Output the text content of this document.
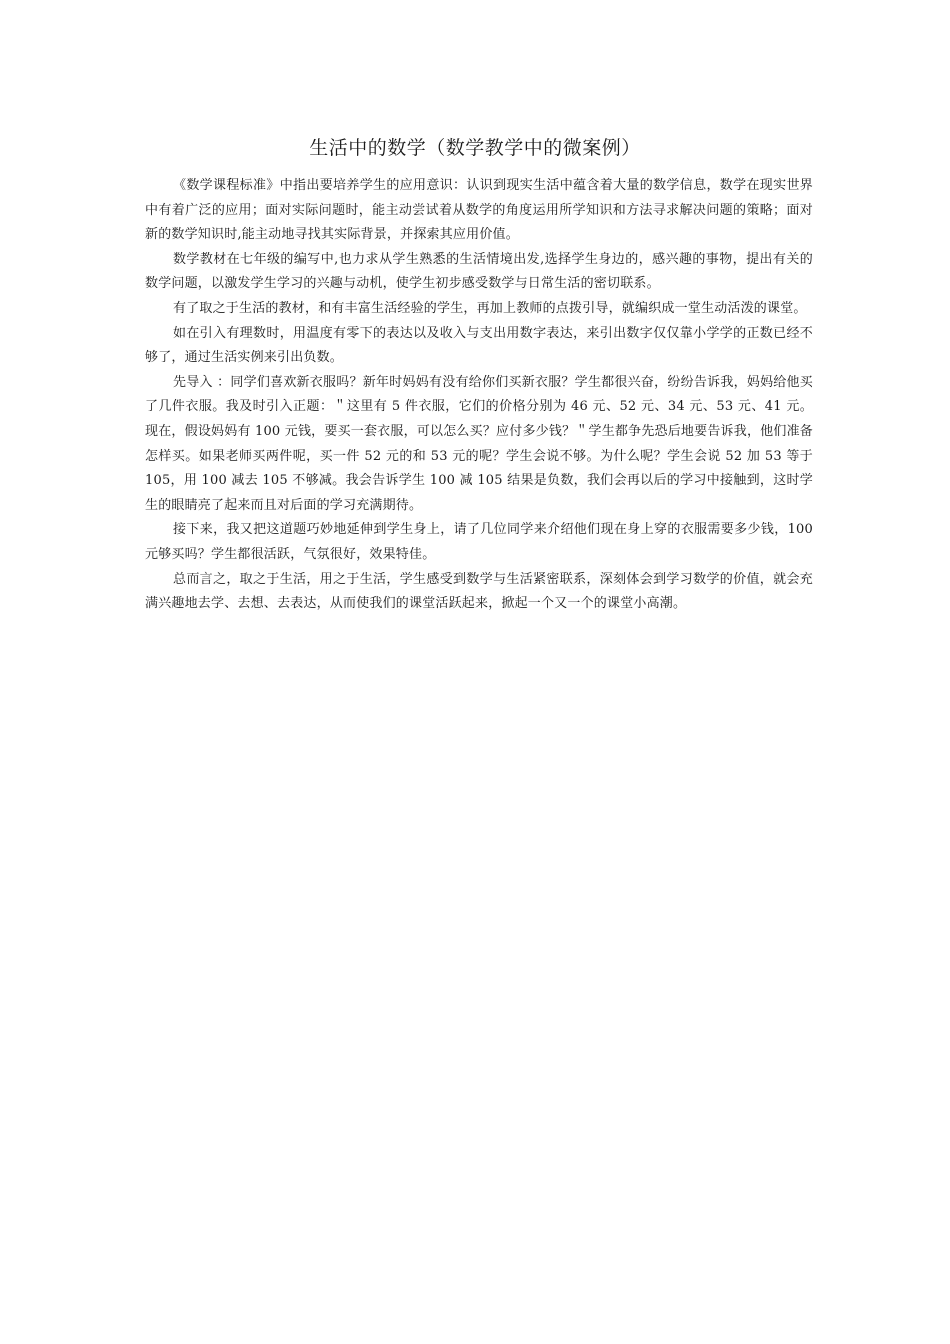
生活中的数学（数学教学中的微案例）

《数学课程标准》中指出要培养学生的应用意识：认识到现实生活中蕴含着大量的数学信息，数学在现实世界中有着广泛的应用；面对实际问题时，能主动尝试着从数学的角度运用所学知识和方法寻求解决问题的策略；面对新的数学知识时,能主动地寻找其实际背景，并探索其应用价值。

数学教材在七年级的编写中,也力求从学生熟悉的生活情境出发,选择学生身边的，感兴趣的事物，提出有关的数学问题，以激发学生学习的兴趣与动机，使学生初步感受数学与日常生活的密切联系。

有了取之于生活的教材，和有丰富生活经验的学生，再加上教师的点拨引导，就编织成一堂生动活泼的课堂。

如在引入有理数时，用温度有零下的表达以及收入与支出用数字表达，来引出数字仅仅靠小学学的正数已经不够了，通过生活实例来引出负数。

先导入 ：同学们喜欢新衣服吗？新年时妈妈有没有给你们买新衣服？学生都很兴奋，纷纷告诉我，妈妈给他买了几件衣服。我及时引入正题：＂这里有 5 件衣服，它们的价格分别为 46 元、52 元、34 元、53 元、41 元。现在，假设妈妈有 100 元钱，要买一套衣服，可以怎么买？应付多少钱？＂学生都争先恐后地要告诉我，他们准备怎样买。如果老师买两件呢，买一件 52 元的和 53 元的呢？学生会说不够。为什么呢？学生会说 52 加 53 等于 105，用 100 减去 105 不够减。我会告诉学生 100 减 105 结果是负数，我们会再以后的学习中接触到，这时学生的眼睛亮了起来而且对后面的学习充满期待。

接下来，我又把这道题巧妙地延伸到学生身上，请了几位同学来介绍他们现在身上穿的衣服需要多少钱，100 元够买吗？学生都很活跃，气氛很好，效果特佳。

总而言之，取之于生活，用之于生活，学生感受到数学与生活紧密联系，深刻体会到学习数学的价值，就会充满兴趣地去学、去想、去表达，从而使我们的课堂活跃起来，掀起一个又一个的课堂小高潮。
